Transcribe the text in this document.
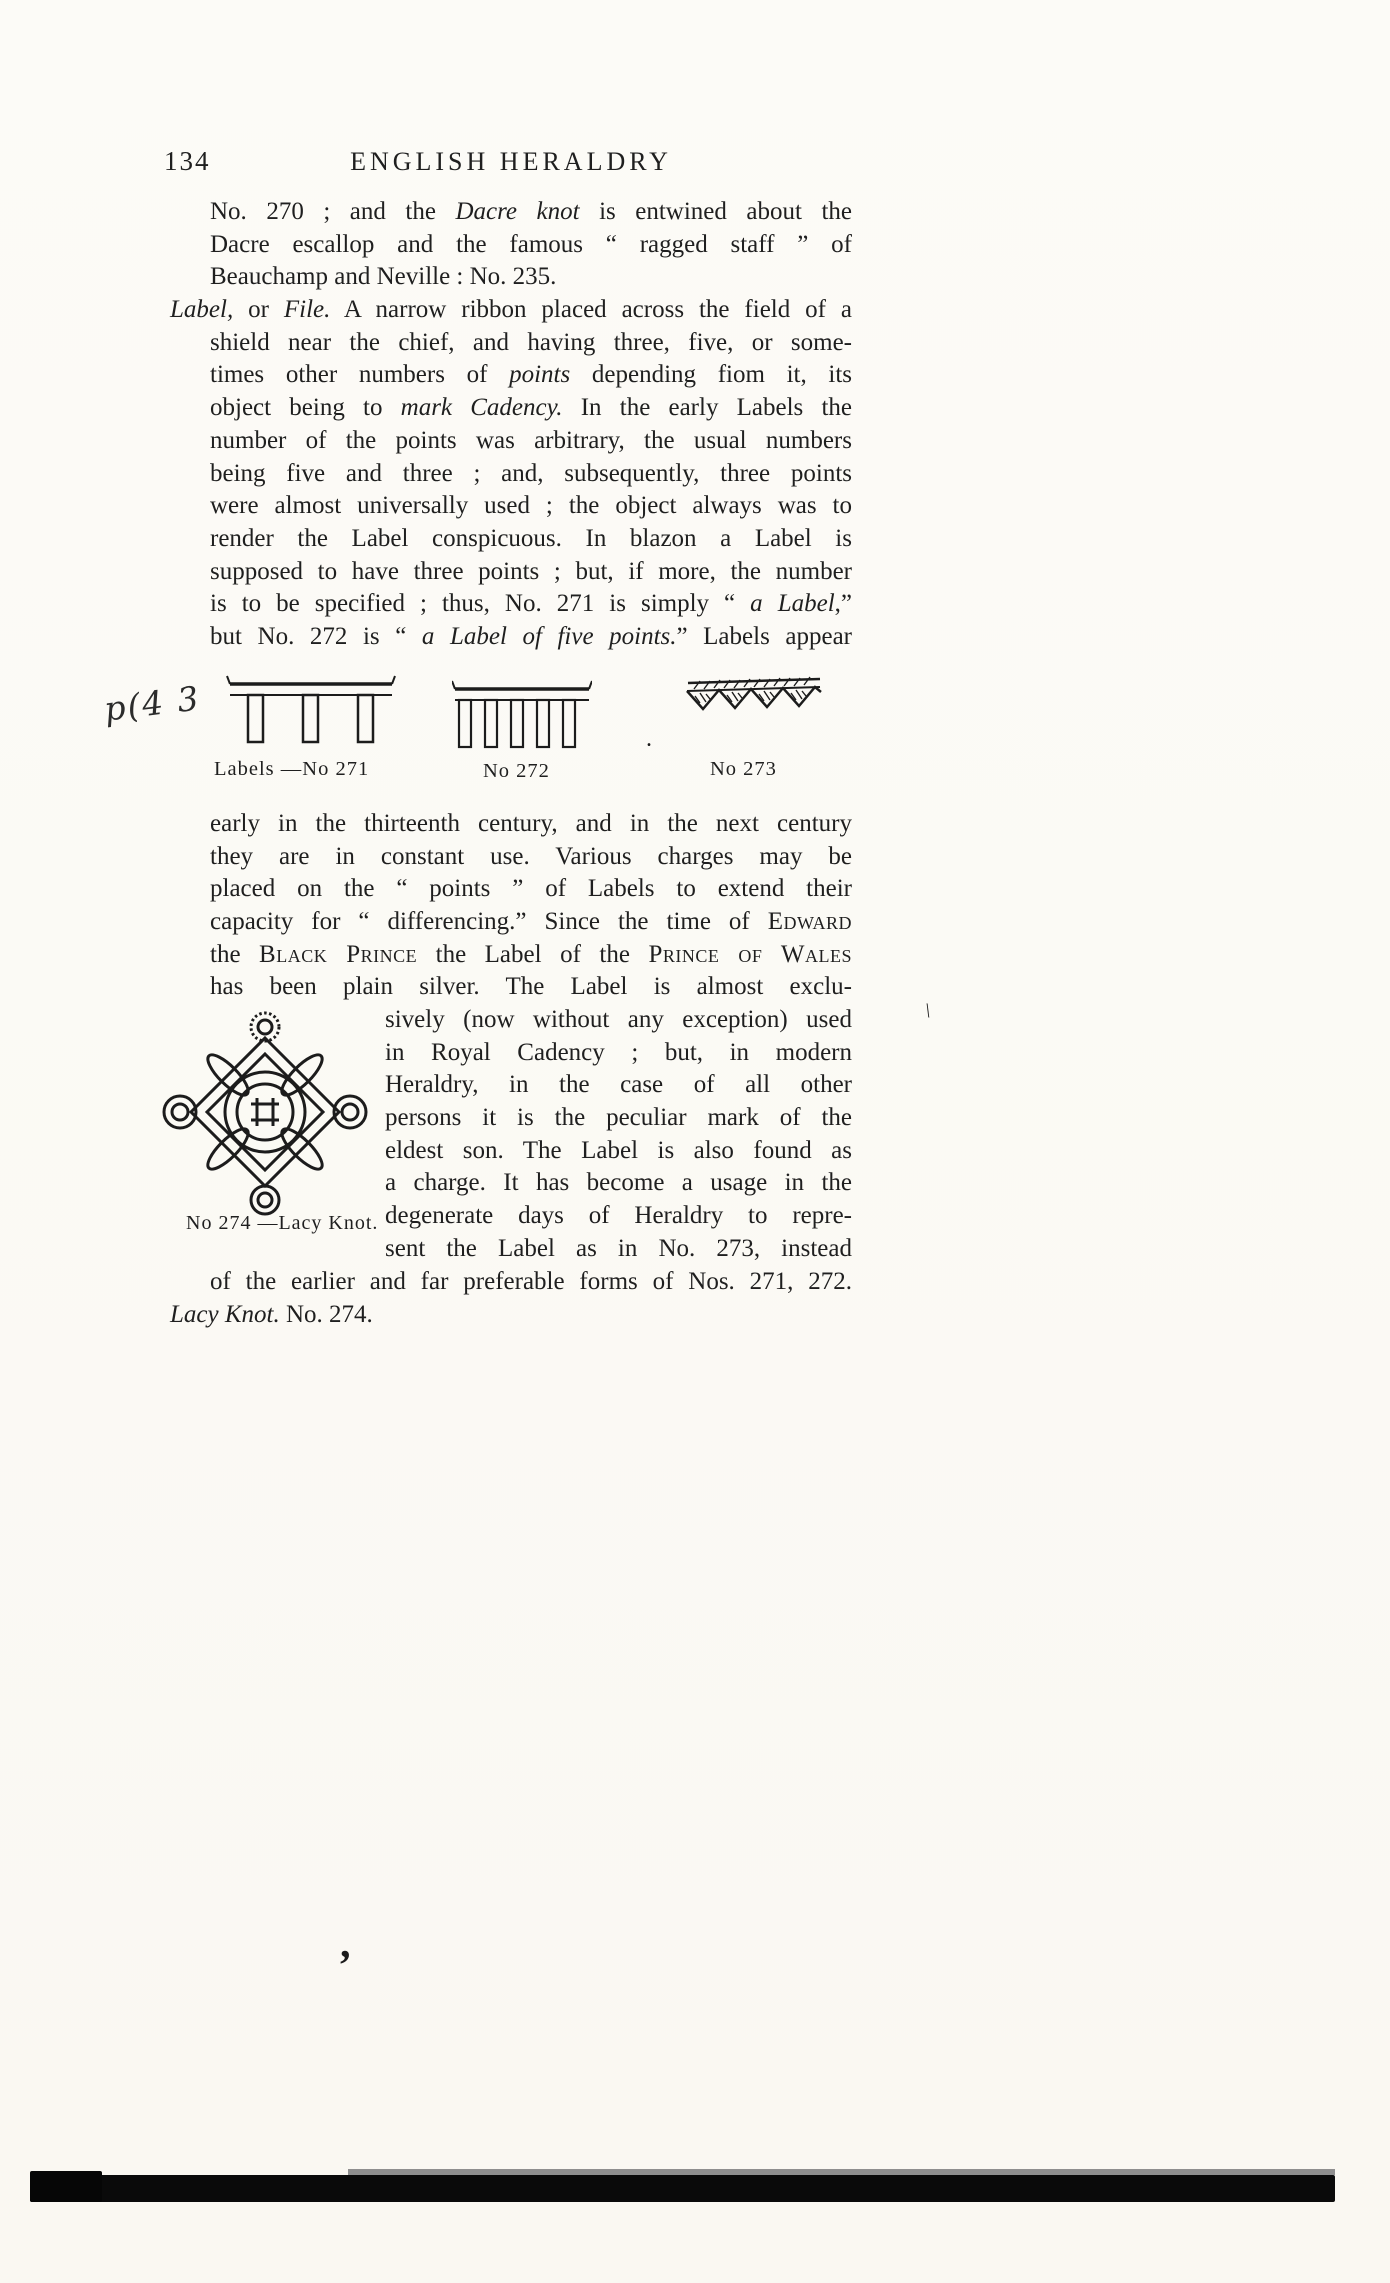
134	ENGLISH HERALDRY
No. 270 ; and the Dacre knot is entwined about the
Dacre escallop and the famous “ ragged staff ” of
Beauchamp and Neville : No. 235.
Label, or File. A narrow ribbon placed across the field of a
shield near the chief, and having three, five, or some-
times other numbers of points depending fiom it, its
object being to mark Cadency. In the early Labels the
number of the points was arbitrary, the usual numbers
being five and three ; and, subsequently, three points
were almost universally used ; the object always was to
render the Label conspicuous. In blazon a Label is
supposed to have three points ; but, if more, the number
is to be specified ; thus, No. 271 is simply “ a Label,”
but No. 272 is “ a Label of five points.” Labels appear
p(4 3
Labels —No 271	No 272	No 273
.
\
early in the thirteenth century, and in the next century
they are in constant use. Various charges may be
placed on the “ points ” of Labels to extend their
capacity for “ differencing.” Since the time of Edward
the Black Prince the Label of the Prince of Wales
has been plain silver. The Label is almost exclu-
sively (now without any exception) used
in Royal Cadency ; but, in modern
Heraldry, in the case of all other
persons it is the peculiar mark of the
eldest son. The Label is also found as
a charge. It has become a usage in the
degenerate days of Heraldry to repre-
sent the Label as in No. 273, instead
No 274 —Lacy Knot.
of the earlier and far preferable forms of Nos. 271, 272.
Lacy Knot. No. 274.
’
